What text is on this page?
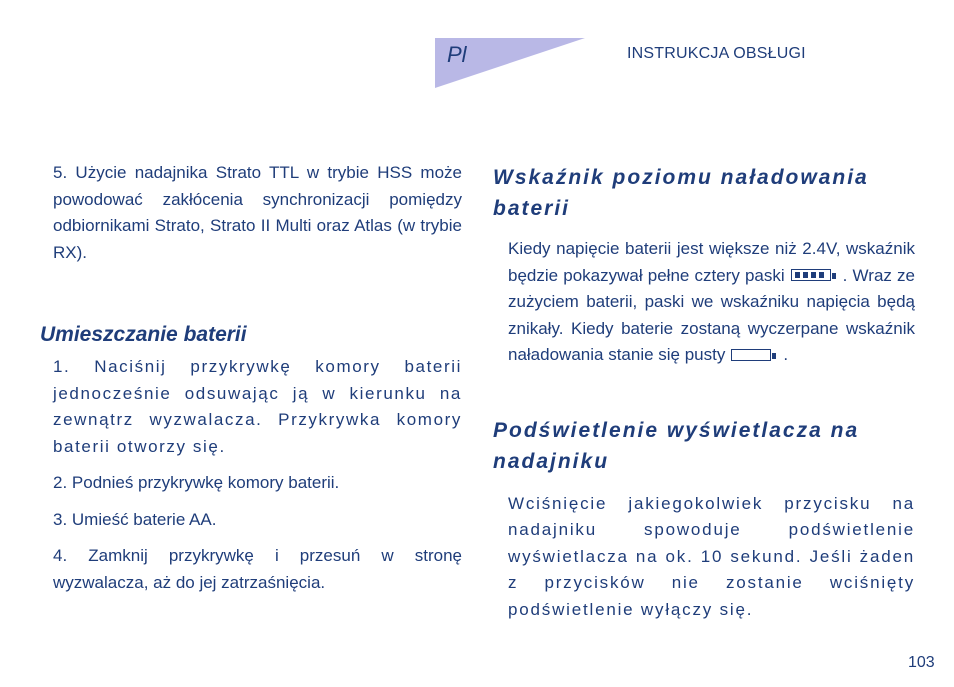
Pl	INSTRUKCJA OBSŁUGI

5. Użycie nadajnika Strato TTL w trybie HSS może powodować zakłócenia synchronizacji pomiędzy odbiornikami Strato, Strato II Multi oraz Atlas (w trybie RX).

Umieszczanie baterii

1. Naciśnij przykrywkę komory baterii jednocześnie odsuwając ją w kierunku na zewnątrz wyzwalacza. Przykrywka komory baterii otworzy się.

2. Podnieś przykrywkę komory baterii.

3. Umieść baterie AA.

4. Zamknij przykrywkę i przesuń w stronę wyzwalacza, aż do jej zatrzaśnięcia.

Wskaźnik poziomu naładowania baterii

Kiedy napięcie baterii jest większe niż 2.4V, wskaźnik będzie pokazywał pełne cztery paski	. Wraz ze zużyciem baterii, paski we wskaźniku napięcia będą znikały. Kiedy baterie zostaną wyczerpane wskaźnik naładowania stanie się pusty	.

Podświetlenie wyświetlacza na nadajniku

Wciśnięcie jakiegokolwiek przycisku na nadajniku spowoduje podświetlenie wyświetlacza na ok. 10 sekund. Jeśli żaden z przycisków nie zostanie wciśnięty podświetlenie wyłączy się.

103
